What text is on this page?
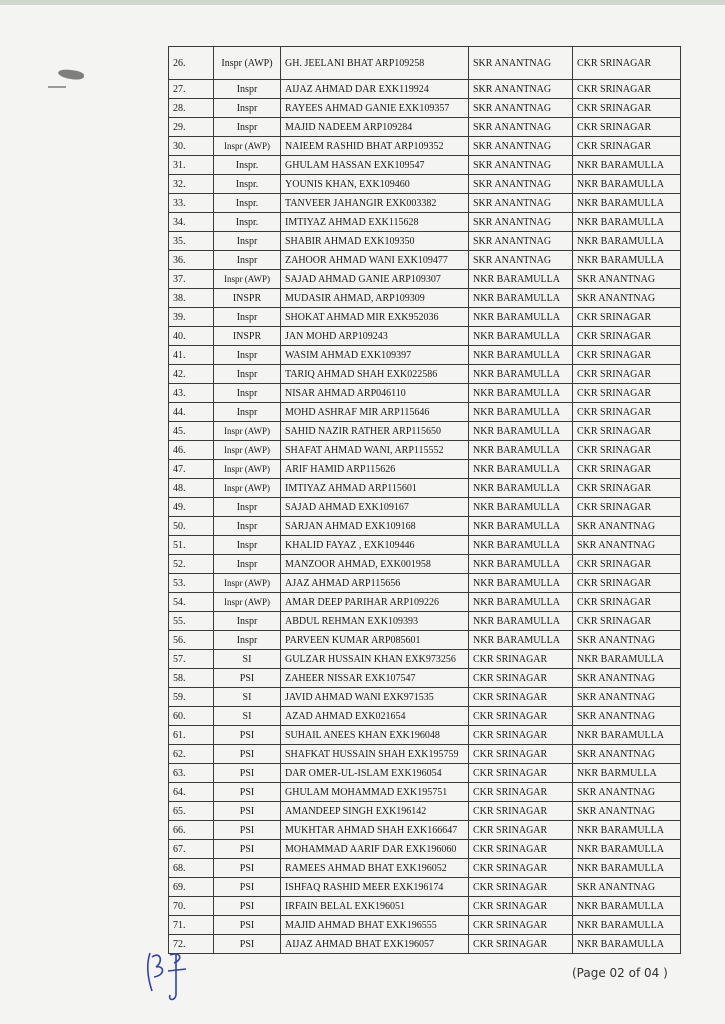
26.	Inspr (AWP)	GH. JEELANI BHAT ARP109258	SKR ANANTNAG	CKR SRINAGAR
27.	Inspr	AIJAZ AHMAD DAR EXK119924	SKR ANANTNAG	CKR SRINAGAR
28.	Inspr	RAYEES AHMAD GANIE EXK109357	SKR ANANTNAG	CKR SRINAGAR
29.	Inspr	MAJID NADEEM ARP109284	SKR ANANTNAG	CKR SRINAGAR
30.	Inspr (AWP)	NAIEEM RASHID BHAT ARP109352	SKR ANANTNAG	CKR SRINAGAR
31.	Inspr.	GHULAM HASSAN EXK109547	SKR ANANTNAG	NKR BARAMULLA
32.	Inspr.	YOUNIS KHAN, EXK109460	SKR ANANTNAG	NKR BARAMULLA
33.	Inspr.	TANVEER JAHANGIR EXK003382	SKR ANANTNAG	NKR BARAMULLA
34.	Inspr.	IMTIYAZ AHMAD EXK115628	SKR ANANTNAG	NKR BARAMULLA
35.	Inspr	SHABIR AHMAD EXK109350	SKR ANANTNAG	NKR BARAMULLA
36.	Inspr	ZAHOOR AHMAD WANI EXK109477	SKR ANANTNAG	NKR BARAMULLA
37.	Inspr (AWP)	SAJAD AHMAD GANIE ARP109307	NKR BARAMULLA	SKR ANANTNAG
38.	INSPR	MUDASIR AHMAD, ARP109309	NKR BARAMULLA	SKR ANANTNAG
39.	Inspr	SHOKAT AHMAD MIR EXK952036	NKR BARAMULLA	CKR SRINAGAR
40.	INSPR	JAN MOHD ARP109243	NKR BARAMULLA	CKR SRINAGAR
41.	Inspr	WASIM AHMAD EXK109397	NKR BARAMULLA	CKR SRINAGAR
42.	Inspr	TARIQ AHMAD SHAH EXK022586	NKR BARAMULLA	CKR SRINAGAR
43.	Inspr	NISAR AHMAD ARP046110	NKR BARAMULLA	CKR SRINAGAR
44.	Inspr	MOHD ASHRAF MIR ARP115646	NKR BARAMULLA	CKR SRINAGAR
45.	Inspr (AWP)	SAHID NAZIR RATHER ARP115650	NKR BARAMULLA	CKR SRINAGAR
46.	Inspr (AWP)	SHAFAT AHMAD WANI, ARP115552	NKR BARAMULLA	CKR SRINAGAR
47.	Inspr (AWP)	ARIF HAMID ARP115626	NKR BARAMULLA	CKR SRINAGAR
48.	Inspr (AWP)	IMTIYAZ AHMAD ARP115601	NKR BARAMULLA	CKR SRINAGAR
49.	Inspr	SAJAD AHMAD EXK109167	NKR BARAMULLA	CKR SRINAGAR
50.	Inspr	SARJAN AHMAD EXK109168	NKR BARAMULLA	SKR ANANTNAG
51.	Inspr	KHALID FAYAZ , EXK109446	NKR BARAMULLA	SKR ANANTNAG
52.	Inspr	MANZOOR AHMAD, EXK001958	NKR BARAMULLA	CKR SRINAGAR
53.	Inspr (AWP)	AJAZ AHMAD ARP115656	NKR BARAMULLA	CKR SRINAGAR
54.	Inspr (AWP)	AMAR DEEP PARIHAR ARP109226	NKR BARAMULLA	CKR SRINAGAR
55.	Inspr	ABDUL REHMAN EXK109393	NKR BARAMULLA	CKR SRINAGAR
56.	Inspr	PARVEEN KUMAR ARP085601	NKR BARAMULLA	SKR ANANTNAG
57.	SI	GULZAR HUSSAIN KHAN EXK973256	CKR SRINAGAR	NKR BARAMULLA
58.	PSI	ZAHEER NISSAR EXK107547	CKR SRINAGAR	SKR ANANTNAG
59.	SI	JAVID AHMAD WANI EXK971535	CKR SRINAGAR	SKR ANANTNAG
60.	SI	AZAD AHMAD EXK021654	CKR SRINAGAR	SKR ANANTNAG
61.	PSI	SUHAIL ANEES KHAN EXK196048	CKR SRINAGAR	NKR BARAMULLA
62.	PSI	SHAFKAT HUSSAIN SHAH EXK195759	CKR SRINAGAR	SKR ANANTNAG
63.	PSI	DAR OMER-UL-ISLAM EXK196054	CKR SRINAGAR	NKR BARMULLA
64.	PSI	GHULAM MOHAMMAD EXK195751	CKR SRINAGAR	SKR ANANTNAG
65.	PSI	AMANDEEP SINGH EXK196142	CKR SRINAGAR	SKR ANANTNAG
66.	PSI	MUKHTAR AHMAD SHAH EXK166647	CKR SRINAGAR	NKR BARAMULLA
67.	PSI	MOHAMMAD AARIF DAR EXK196060	CKR SRINAGAR	NKR BARAMULLA
68.	PSI	RAMEES AHMAD BHAT EXK196052	CKR SRINAGAR	NKR BARAMULLA
69.	PSI	ISHFAQ RASHID MEER EXK196174	CKR SRINAGAR	SKR ANANTNAG
70.	PSI	IRFAIN BELAL EXK196051	CKR SRINAGAR	NKR BARAMULLA
71.	PSI	MAJID AHMAD BHAT EXK196555	CKR SRINAGAR	NKR BARAMULLA
72.	PSI	AIJAZ AHMAD BHAT EXK196057	CKR SRINAGAR	NKR BARAMULLA
(Page 02 of 04 )
